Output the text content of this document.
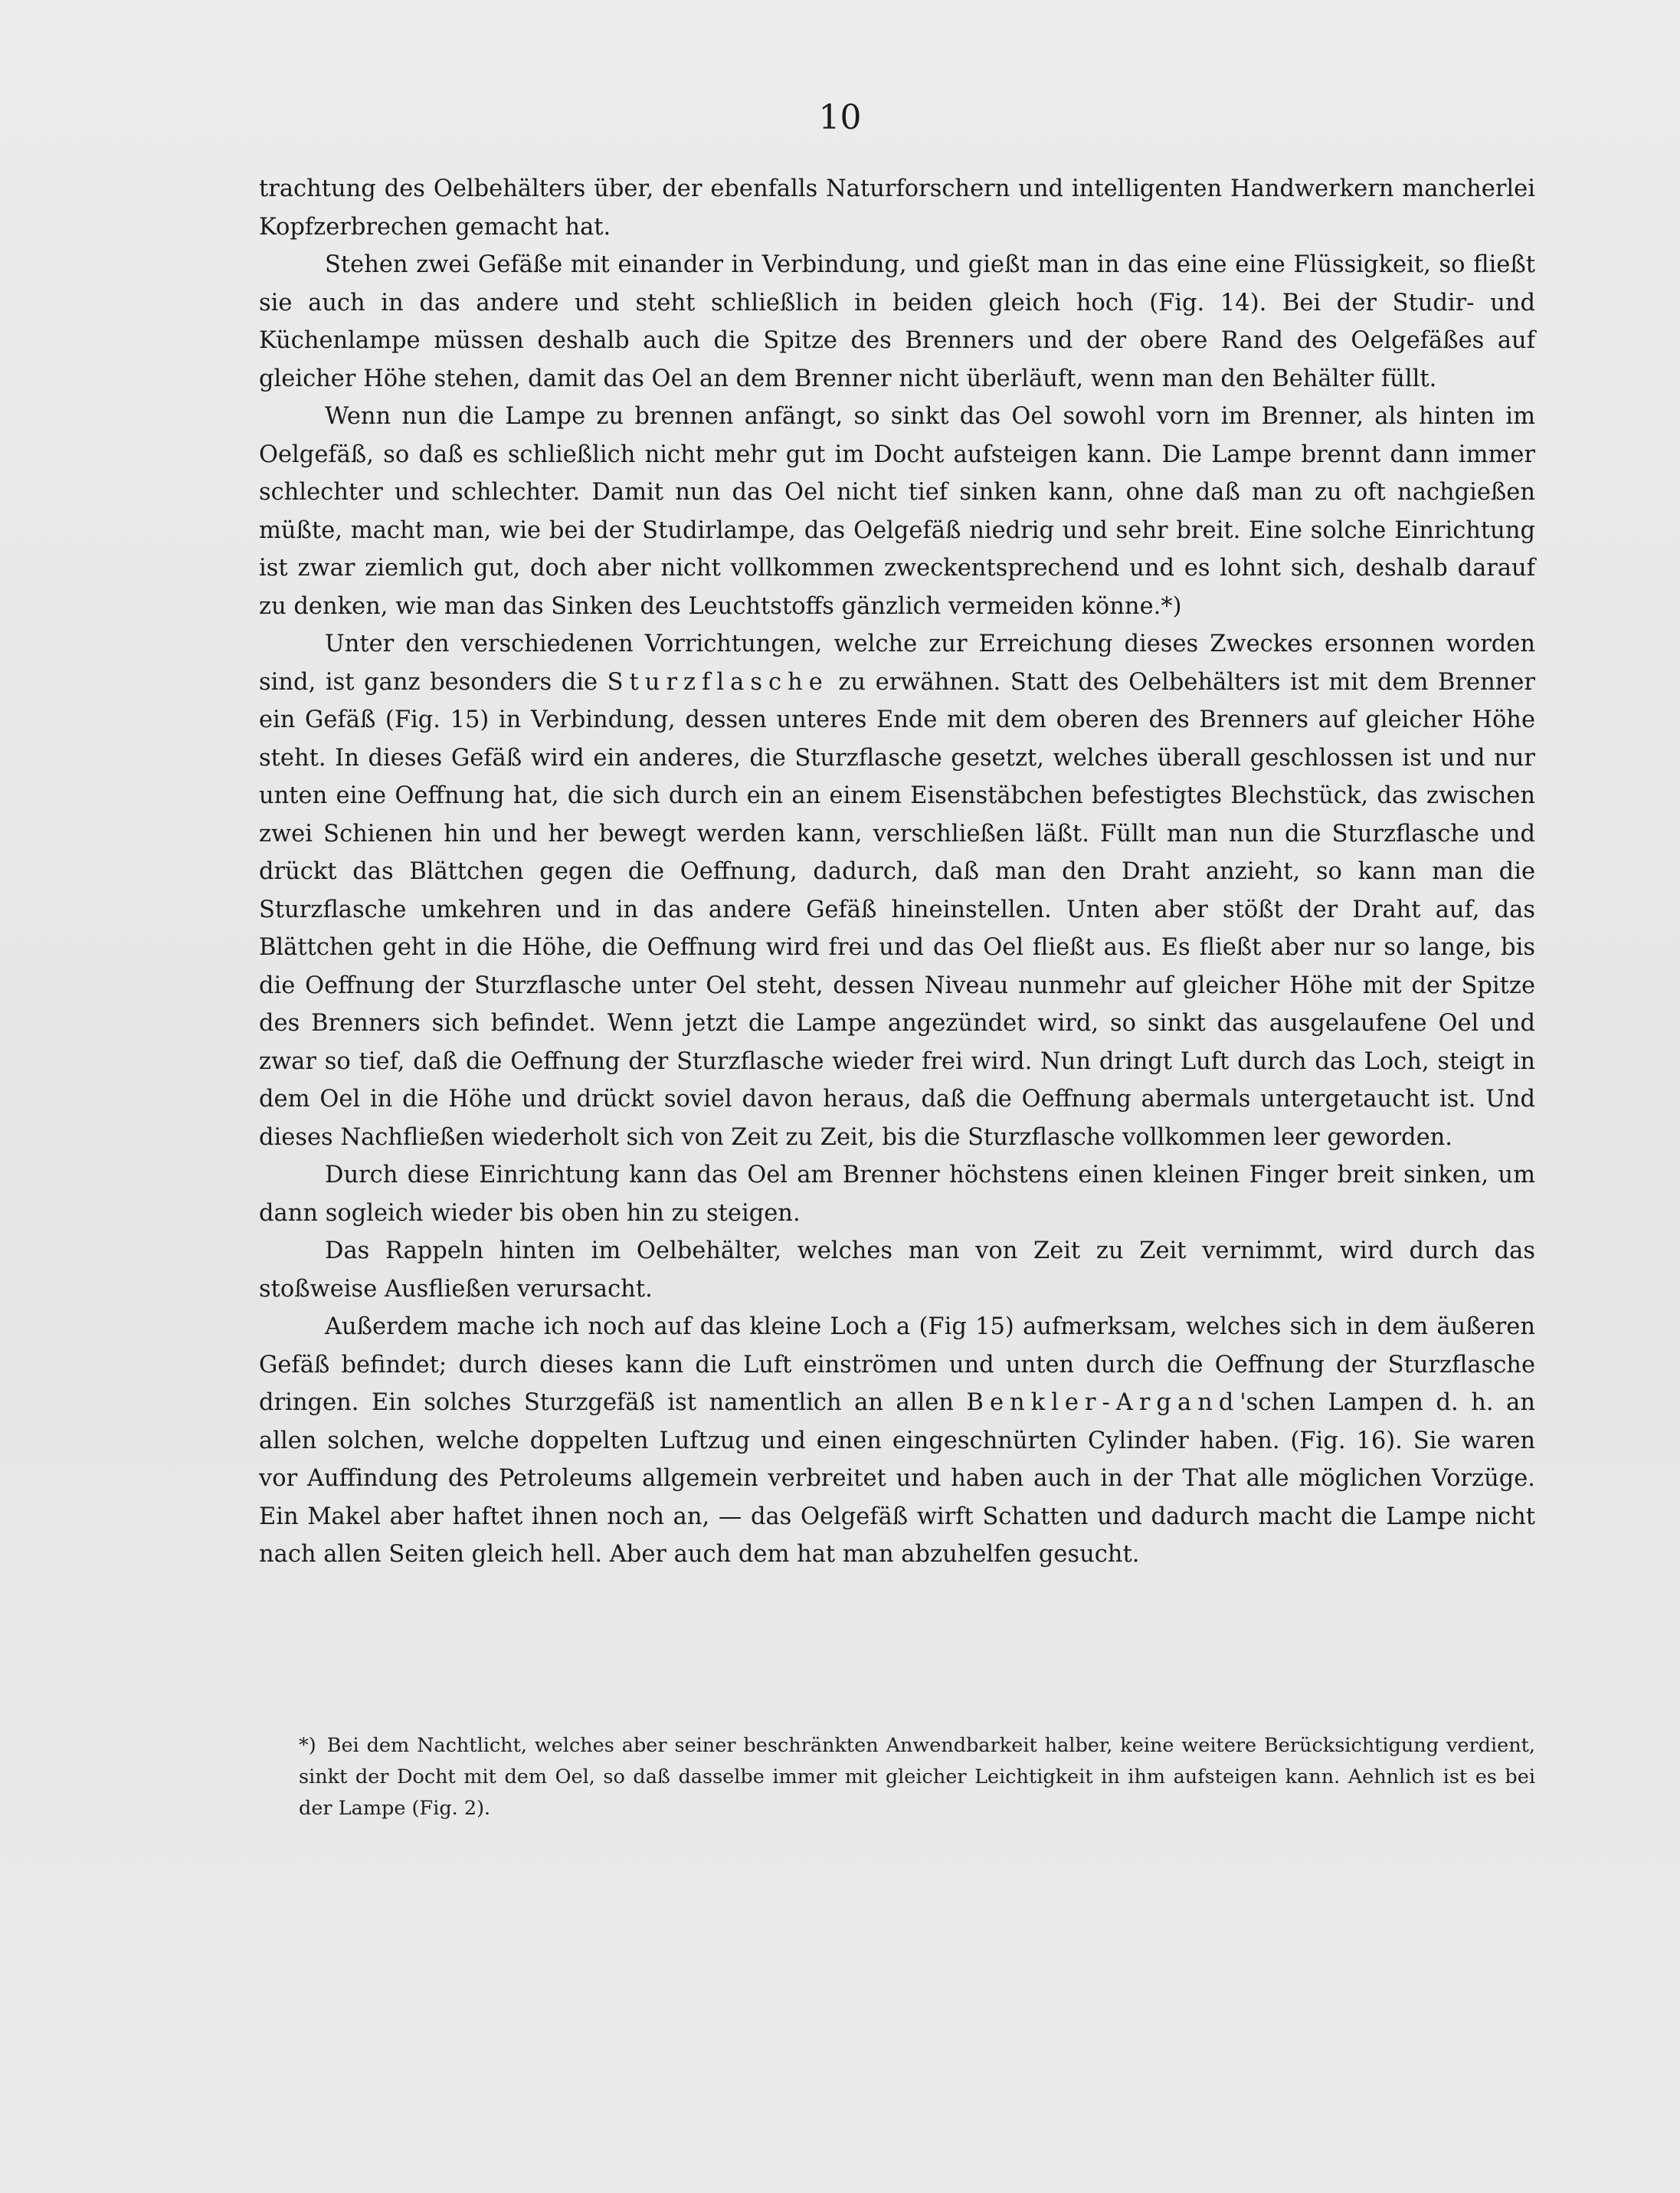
10

trachtung des Oelbehälters über, der ebenfalls Naturforschern und intelligenten Handwerkern mancherlei Kopfzerbrechen gemacht hat.

Stehen zwei Gefäße mit einander in Verbindung, und gießt man in das eine eine Flüssigkeit, so fließt sie auch in das andere und steht schließlich in beiden gleich hoch (Fig. 14). Bei der Studir- und Küchenlampe müssen deshalb auch die Spitze des Brenners und der obere Rand des Oelgefäßes auf gleicher Höhe stehen, damit das Oel an dem Brenner nicht überläuft, wenn man den Behälter füllt.

Wenn nun die Lampe zu brennen anfängt, so sinkt das Oel sowohl vorn im Brenner, als hinten im Oelgefäß, so daß es schließlich nicht mehr gut im Docht aufsteigen kann. Die Lampe brennt dann immer schlechter und schlechter. Damit nun das Oel nicht tief sinken kann, ohne daß man zu oft nachgießen müßte, macht man, wie bei der Studirlampe, das Oelgefäß niedrig und sehr breit. Eine solche Einrichtung ist zwar ziemlich gut, doch aber nicht vollkommen zweckentsprechend und es lohnt sich, deshalb darauf zu denken, wie man das Sinken des Leuchtstoffs gänzlich vermeiden könne.*)

Unter den verschiedenen Vorrichtungen, welche zur Erreichung dieses Zweckes ersonnen worden sind, ist ganz besonders die Sturzflasche zu erwähnen. Statt des Oelbehälters ist mit dem Brenner ein Gefäß (Fig. 15) in Verbindung, dessen unteres Ende mit dem oberen des Brenners auf gleicher Höhe steht. In dieses Gefäß wird ein anderes, die Sturzflasche gesetzt, welches überall geschlossen ist und nur unten eine Oeffnung hat, die sich durch ein an einem Eisenstäbchen befestigtes Blechstück, das zwischen zwei Schienen hin und her bewegt werden kann, verschließen läßt. Füllt man nun die Sturzflasche und drückt das Blättchen gegen die Oeffnung, dadurch, daß man den Draht anzieht, so kann man die Sturzflasche umkehren und in das andere Gefäß hineinstellen. Unten aber stößt der Draht auf, das Blättchen geht in die Höhe, die Oeffnung wird frei und das Oel fließt aus. Es fließt aber nur so lange, bis die Oeffnung der Sturzflasche unter Oel steht, dessen Niveau nunmehr auf gleicher Höhe mit der Spitze des Brenners sich befindet. Wenn jetzt die Lampe angezündet wird, so sinkt das ausgelaufene Oel und zwar so tief, daß die Oeffnung der Sturzflasche wieder frei wird. Nun dringt Luft durch das Loch, steigt in dem Oel in die Höhe und drückt soviel davon heraus, daß die Oeffnung abermals untergetaucht ist. Und dieses Nachfließen wiederholt sich von Zeit zu Zeit, bis die Sturzflasche vollkommen leer geworden.

Durch diese Einrichtung kann das Oel am Brenner höchstens einen kleinen Finger breit sinken, um dann sogleich wieder bis oben hin zu steigen.

Das Rappeln hinten im Oelbehälter, welches man von Zeit zu Zeit vernimmt, wird durch das stoßweise Ausfließen verursacht.

Außerdem mache ich noch auf das kleine Loch a (Fig 15) aufmerksam, welches sich in dem äußeren Gefäß befindet; durch dieses kann die Luft einströmen und unten durch die Oeffnung der Sturzflasche dringen. Ein solches Sturzgefäß ist namentlich an allen Benkler-Argand'schen Lampen d. h. an allen solchen, welche doppelten Luftzug und einen eingeschnürten Cylinder haben. (Fig. 16). Sie waren vor Auffindung des Petroleums allgemein verbreitet und haben auch in der That alle möglichen Vorzüge. Ein Makel aber haftet ihnen noch an, — das Oelgefäß wirft Schatten und dadurch macht die Lampe nicht nach allen Seiten gleich hell. Aber auch dem hat man abzuhelfen gesucht.

*) Bei dem Nachtlicht, welches aber seiner beschränkten Anwendbarkeit halber, keine weitere Berücksichtigung verdient, sinkt der Docht mit dem Oel, so daß dasselbe immer mit gleicher Leichtigkeit in ihm aufsteigen kann. Aehnlich ist es bei der Lampe (Fig. 2).
